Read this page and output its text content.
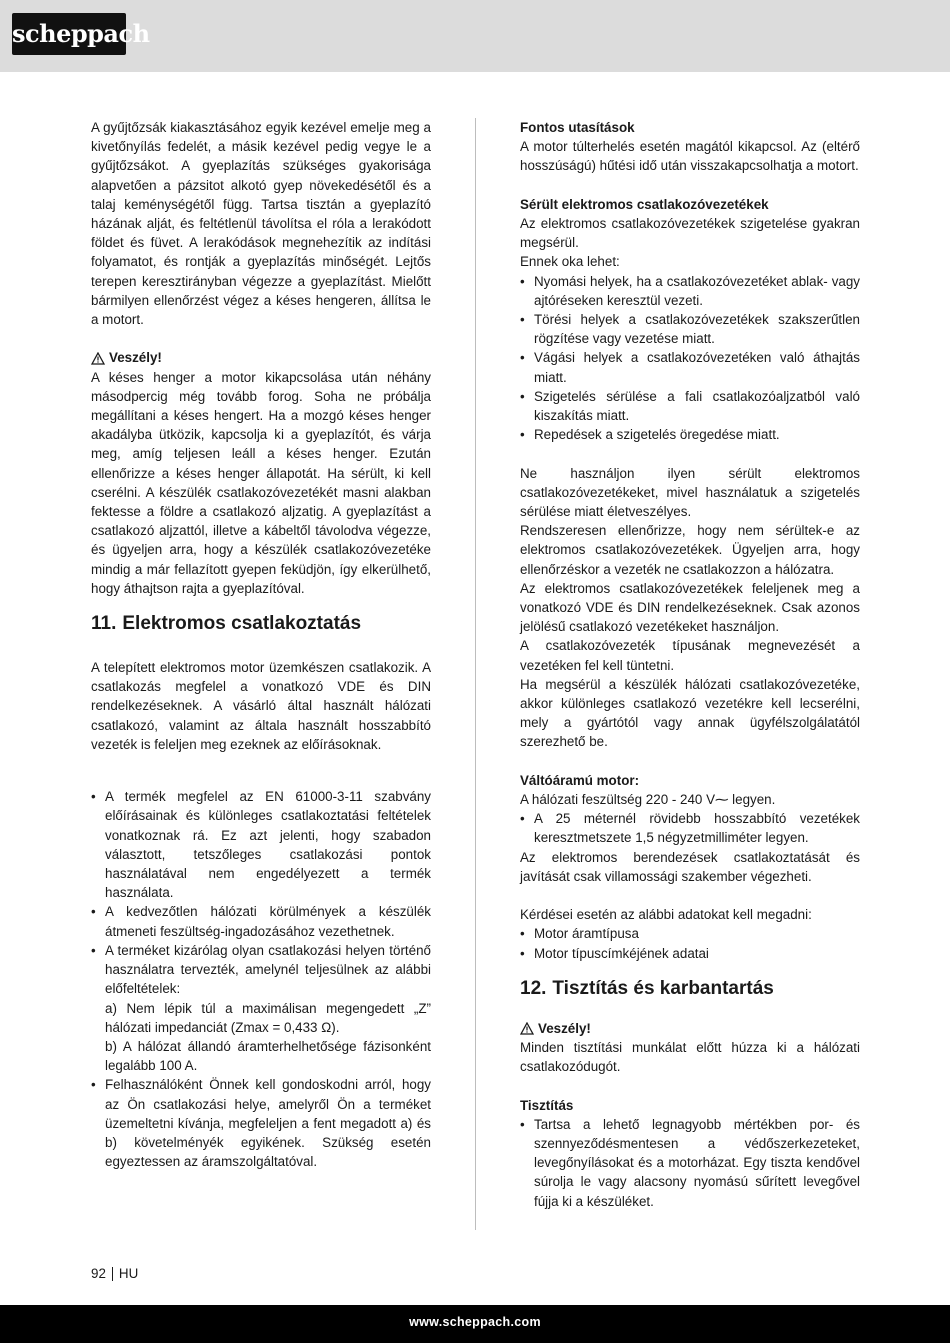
scheppach

A gyűjtőzsák kiakasztásához egyik kezével emelje meg a kivetőnyílás fedelét, a másik kezével pedig vegye le a gyűjtőzsákot. A gyeplazítás szükséges gyakorisága alapvetően a pázsitot alkotó gyep növekedésétől és a talaj keménységétől függ. Tartsa tisztán a gyeplazító házának alját, és feltétlenül távolítsa el róla a lerakódott földet és füvet. A lerakódások megnehezítik az indítási folyamatot, és rontják a gyeplazítás minőségét. Lejtős terepen keresztirányban végezze a gyeplazítást. Mielőtt bármilyen ellenőrzést végez a késes hengeren, állítsa le a motort.

Veszély!

A késes henger a motor kikapcsolása után néhány másodpercig még tovább forog. Soha ne próbálja megállítani a késes hengert. Ha a mozgó késes henger akadályba ütközik, kapcsolja ki a gyeplazítót, és várja meg, amíg teljesen leáll a késes henger. Ezután ellenőrizze a késes henger állapotát. Ha sérült, ki kell cserélni. A készülék csatlakozóvezetékét masni alakban fektesse a földre a csatlakozó aljzatig. A gyeplazítást a csatlakozó aljzattól, illetve a kábeltől távolodva végezze, és ügyeljen arra, hogy a készülék csatlakozóvezetéke mindig a már fellazított gyepen feküdjön, így elkerülhető, hogy áthajtson rajta a gyeplazítóval.

11. Elektromos csatlakoztatás

A telepített elektromos motor üzemkészen csatlakozik. A csatlakozás megfelel a vonatkozó VDE és DIN rendelkezéseknek. A vásárló által használt hálózati csatlakozó, valamint az általa használt hosszabbító vezeték is feleljen meg ezeknek az előírásoknak.

• A termék megfelel az EN 61000-3-11 szabvány előírásainak és különleges csatlakoztatási feltételek vonatkoznak rá. Ez azt jelenti, hogy szabadon választott, tetszőleges csatlakozási pontok használatával nem engedélyezett a termék használata.
• A kedvezőtlen hálózati körülmények a készülék átmeneti feszültség-ingadozásához vezethetnek.
• A terméket kizárólag olyan csatlakozási helyen történő használatra tervezték, amelynél teljesülnek az alábbi előfeltételek:
a) Nem lépik túl a maximálisan megengedett „Z” hálózati impedanciát (Zmax = 0,433 Ω).
b) A hálózat állandó áramterhelhetősége fázisonként legalább 100 A.
• Felhasználóként Önnek kell gondoskodni arról, hogy az Ön csatlakozási helye, amelyről Ön a terméket üzemeltetni kívánja, megfeleljen a fent megadott a) és b) követelményék egyikének. Szükség esetén egyeztessen az áramszolgáltatóval.
Fontos utasítások

A motor túlterhelés esetén magától kikapcsol. Az (eltérő hosszúságú) hűtési idő után visszakapcsolhatja a motort.

Sérült elektromos csatlakozóvezetékek

Az elektromos csatlakozóvezetékek szigetelése gyakran megsérül.

Ennek oka lehet:

• Nyomási helyek, ha a csatlakozóvezetéket ablak- vagy ajtóréseken keresztül vezeti.
• Törési helyek a csatlakozóvezetékek szakszerűtlen rögzítése vagy vezetése miatt.
• Vágási helyek a csatlakozóvezetéken való áthajtás miatt.
• Szigetelés sérülése a fali csatlakozóaljzatból való kiszakítás miatt.
• Repedések a szigetelés öregedése miatt.

Ne használjon ilyen sérült elektromos csatlakozóvezetékeket, mivel használatuk a szigetelés sérülése miatt életveszélyes.

Rendszeresen ellenőrizze, hogy nem sérültek-e az elektromos csatlakozóvezetékek. Ügyeljen arra, hogy ellenőrzéskor a vezeték ne csatlakozzon a hálózatra.

Az elektromos csatlakozóvezetékek feleljenek meg a vonatkozó VDE és DIN rendelkezéseknek. Csak azonos jelölésű csatlakozó vezetékeket használjon.

A csatlakozóvezeték típusának megnevezését a vezetéken fel kell tüntetni.

Ha megsérül a készülék hálózati csatlakozóvezetéke, akkor különleges csatlakozó vezetékre kell lecserélni, mely a gyártótól vagy annak ügyfélszolgálatától szerezhető be.

Váltóáramú motor:

A hálózati feszültség 220 - 240 V⁓ legyen.

• A 25 méternél rövidebb hosszabbító vezetékek keresztmetszete 1,5 négyzetmilliméter legyen.

Az elektromos berendezések csatlakoztatását és javítását csak villamossági szakember végezheti.

Kérdései esetén az alábbi adatokat kell megadni:

• Motor áramtípusa
• Motor típuscímkéjének adatai
12. Tisztítás és karbantartás
Veszély!

Minden tisztítási munkálat előtt húzza ki a hálózati csatlakozódugót.

Tisztítás
• Tartsa a lehető legnagyobb mértékben por- és szennyeződésmentesen a védőszerkezeteket, levegőnyílásokat és a motorházat. Egy tiszta kendővel súrolja le vagy alacsony nyomású sűrített levegővel fújja ki a készüléket.
92 HU
www.scheppach.com
